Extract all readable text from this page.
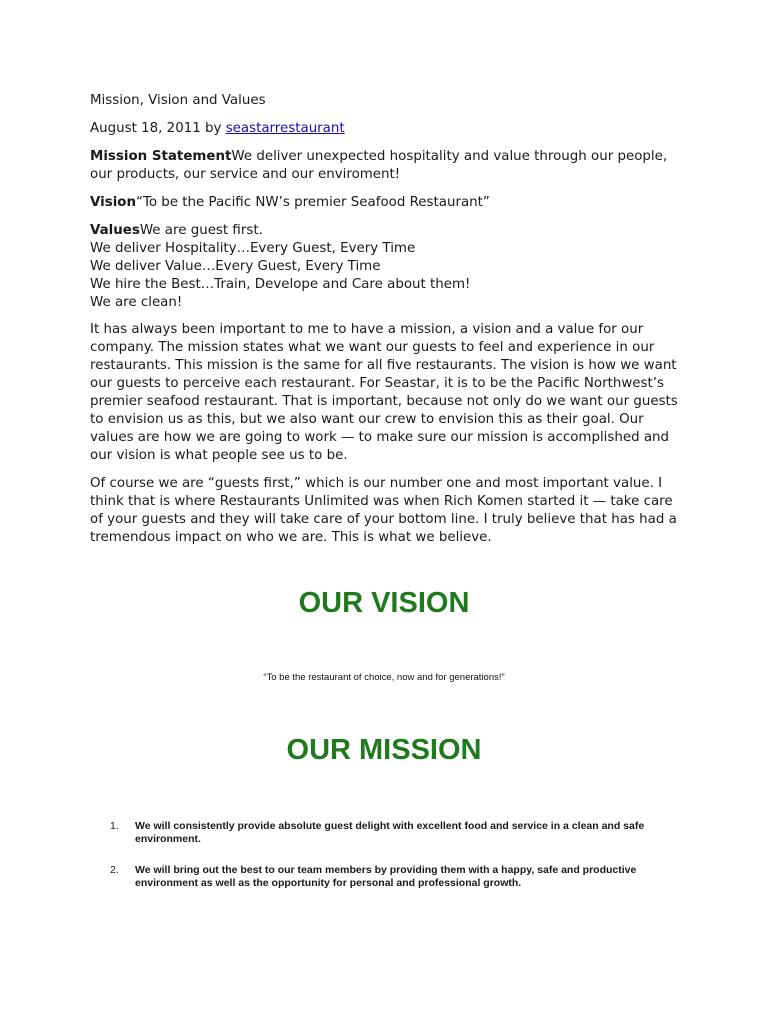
Mission, Vision and Values

August 18, 2011 by seastarrestaurant

Mission StatementWe deliver unexpected hospitality and value through our people, our products, our service and our enviroment!

Vision“To be the Pacific NW’s premier Seafood Restaurant”

ValuesWe are guest first.
We deliver Hospitality…Every Guest, Every Time
We deliver Value…Every Guest, Every Time
We hire the Best…Train, Develope and Care about them!
We are clean!

It has always been important to me to have a mission, a vision and a value for our company. The mission states what we want our guests to feel and experience in our restaurants. This mission is the same for all five restaurants. The vision is how we want our guests to perceive each restaurant. For Seastar, it is to be the Pacific Northwest’s premier seafood restaurant. That is important, because not only do we want our guests to envision us as this, but we also want our crew to envision this as their goal. Our values are how we are going to work — to make sure our mission is accomplished and our vision is what people see us to be.

Of course we are “guests first,” which is our number one and most important value. I think that is where Restaurants Unlimited was when Rich Komen started it — take care of your guests and they will take care of your bottom line. I truly believe that has had a tremendous impact on who we are. This is what we believe.

OUR VISION

“To be the restaurant of choice, now and for generations!”

OUR MISSION
1. We will consistently provide absolute guest delight with excellent food and service in a clean and safe environment.
2. We will bring out the best to our team members by providing them with a happy, safe and productive environment as well as the opportunity for personal and professional growth.
